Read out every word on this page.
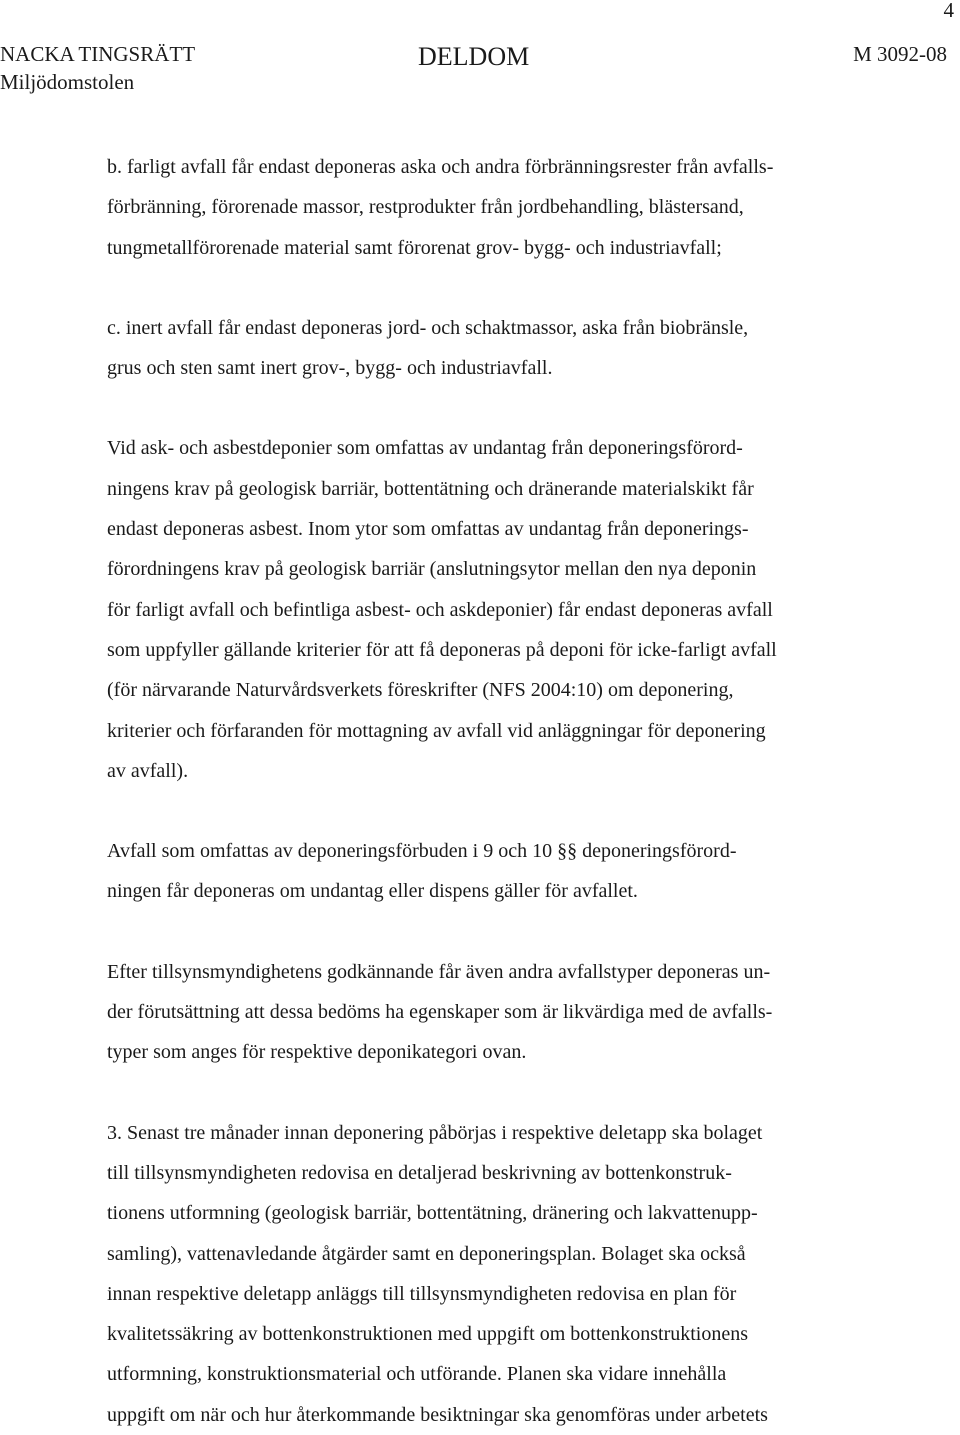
4
NACKA TINGSRÄTT
Miljödomstolen
DELDOM	M 3092-08

b. farligt avfall får endast deponeras aska och andra förbränningsrester från avfalls-
förbränning, förorenade massor, restprodukter från jordbehandling, blästersand,
tungmetallförorenade material samt förorenat grov- bygg- och industriavfall;

c. inert avfall får endast deponeras jord- och schaktmassor, aska från biobränsle,
grus och sten samt inert grov-, bygg- och industriavfall.

Vid ask- och asbestdeponier som omfattas av undantag från deponeringsförord-
ningens krav på geologisk barriär, bottentätning och dränerande materialskikt får
endast deponeras asbest. Inom ytor som omfattas av undantag från deponerings-
förordningens krav på geologisk barriär (anslutningsytor mellan den nya deponin
för farligt avfall och befintliga asbest- och askdeponier) får endast deponeras avfall
som uppfyller gällande kriterier för att få deponeras på deponi för icke-farligt avfall
(för närvarande Naturvårdsverkets föreskrifter (NFS 2004:10) om deponering,
kriterier och förfaranden för mottagning av avfall vid anläggningar för deponering
av avfall).

Avfall som omfattas av deponeringsförbuden i 9 och 10 §§ deponeringsförord-
ningen får deponeras om undantag eller dispens gäller för avfallet.

Efter tillsynsmyndighetens godkännande får även andra avfallstyper deponeras un-
der förutsättning att dessa bedöms ha egenskaper som är likvärdiga med de avfalls-
typer som anges för respektive deponikategori ovan.

3. Senast tre månader innan deponering påbörjas i respektive deletapp ska bolaget
till tillsynsmyndigheten redovisa en detaljerad beskrivning av bottenkonstruk-
tionens utformning (geologisk barriär, bottentätning, dränering och lakvattenupp-
samling), vattenavledande åtgärder samt en deponeringsplan. Bolaget ska också
innan respektive deletapp anläggs till tillsynsmyndigheten redovisa en plan för
kvalitetssäkring av bottenkonstruktionen med uppgift om bottenkonstruktionens
utformning, konstruktionsmaterial och utförande. Planen ska vidare innehålla
uppgift om när och hur återkommande besiktningar ska genomföras under arbetets
